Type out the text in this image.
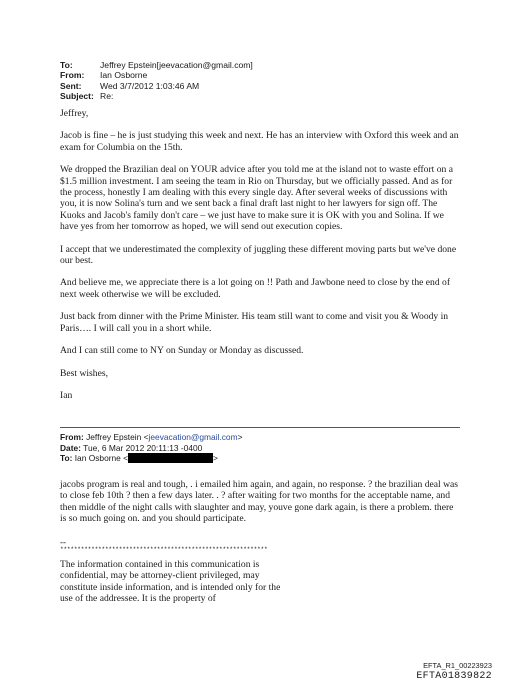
To:	Jeffrey Epstein[jeevacation@gmail.com]
From:	Ian Osborne
Sent:	Wed 3/7/2012 1:03:46 AM
Subject: Re:

Jeffrey,

Jacob is fine – he is just studying this week and next. He has an interview with Oxford this week and an exam for Columbia on the 15th.

We dropped the Brazilian deal on YOUR advice after you told me at the island not to waste effort on a $1.5 million investment. I am seeing the team in Rio on Thursday, but we officially passed. And as for the process, honestly I am dealing with this every single day. After several weeks of discussions with you, it is now Solina's turn and we sent back a final draft last night to her lawyers for sign off. The Kuoks and Jacob's family don't care – we just have to make sure it is OK with you and Solina. If we have yes from her tomorrow as hoped, we will send out execution copies.

I accept that we underestimated the complexity of juggling these different moving parts but we've done our best.

And believe me, we appreciate there is a lot going on !! Path and Jawbone need to close by the end of next week otherwise we will be excluded.

Just back from dinner with the Prime Minister. His team still want to come and visit you & Woody in Paris…. I will call you in a short while.

And I can still come to NY on Sunday or Monday as discussed.

Best wishes,

Ian

From: Jeffrey Epstein <jeevacation@gmail.com>
Date: Tue, 6 Mar 2012 20:11:13 -0400
To: Ian Osborne <	>

jacobs program is real and tough, . i emailed him again, and again, no response. ? the brazilian deal was to close feb 10th ? then a few days later. . ? after waiting for two months for the acceptable name, and then middle of the night calls with slaughter and may, youve gone dark again, is there a problem. there is so much going on. and you should participate.

--
************************************************************
The information contained in this communication is confidential, may be attorney-client privileged, may constitute inside information, and is intended only for the use of the addressee. It is the property of
EFTA_R1_00223923
EFTA01839822
